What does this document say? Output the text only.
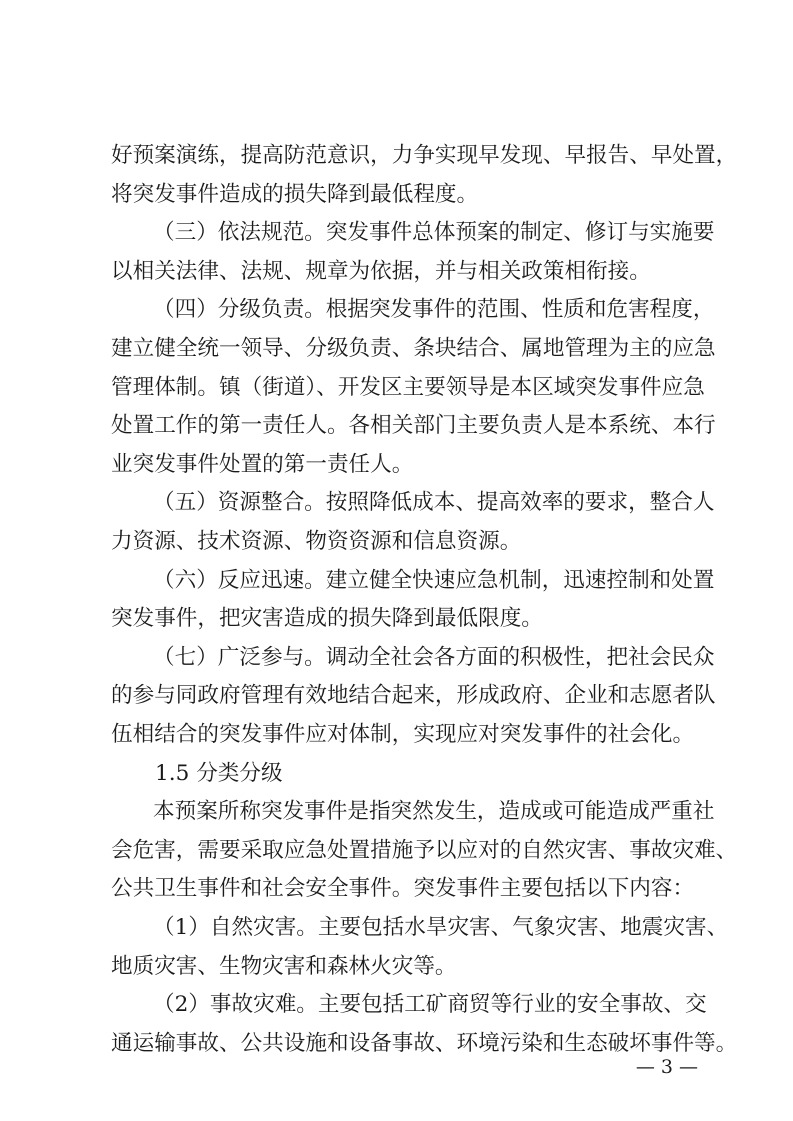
好预案演练，提高防范意识，力争实现早发现、早报告、早处置，
将突发事件造成的损失降到最低程度。
（三）依法规范。突发事件总体预案的制定、修订与实施要
以相关法律、法规、规章为依据，并与相关政策相衔接。
（四）分级负责。根据突发事件的范围、性质和危害程度，
建立健全统一领导、分级负责、条块结合、属地管理为主的应急
管理体制。镇（街道）、开发区主要领导是本区域突发事件应急
处置工作的第一责任人。各相关部门主要负责人是本系统、本行
业突发事件处置的第一责任人。
（五）资源整合。按照降低成本、提高效率的要求，整合人
力资源、技术资源、物资资源和信息资源。
（六）反应迅速。建立健全快速应急机制，迅速控制和处置
突发事件，把灾害造成的损失降到最低限度。
（七）广泛参与。调动全社会各方面的积极性，把社会民众
的参与同政府管理有效地结合起来，形成政府、企业和志愿者队
伍相结合的突发事件应对体制，实现应对突发事件的社会化。
1.5 分类分级
本预案所称突发事件是指突然发生，造成或可能造成严重社
会危害，需要采取应急处置措施予以应对的自然灾害、事故灾难、
公共卫生事件和社会安全事件。突发事件主要包括以下内容：
（1）自然灾害。主要包括水旱灾害、气象灾害、地震灾害、
地质灾害、生物灾害和森林火灾等。
（2）事故灾难。主要包括工矿商贸等行业的安全事故、交
通运输事故、公共设施和设备事故、环境污染和生态破坏事件等。
— 3 —
